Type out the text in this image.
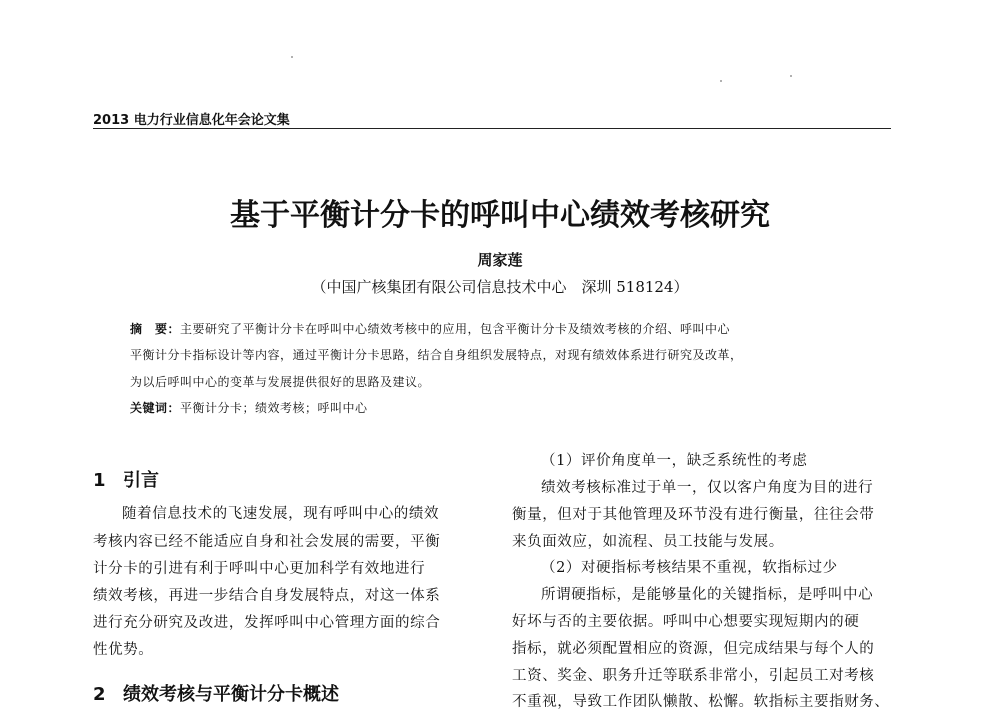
2013 电力行业信息化年会论文集
基于平衡计分卡的呼叫中心绩效考核研究
周家莲
（中国广核集团有限公司信息技术中心　深圳 518124）
摘　要：主要研究了平衡计分卡在呼叫中心绩效考核中的应用，包含平衡计分卡及绩效考核的介绍、呼叫中心
平衡计分卡指标设计等内容，通过平衡计分卡思路，结合自身组织发展特点，对现有绩效体系进行研究及改革，
为以后呼叫中心的变革与发展提供很好的思路及建议。
关键词：平衡计分卡；绩效考核；呼叫中心
1 引言
随着信息技术的飞速发展，现有呼叫中心的绩效
考核内容已经不能适应自身和社会发展的需要，平衡
计分卡的引进有利于呼叫中心更加科学有效地进行
绩效考核，再进一步结合自身发展特点，对这一体系
进行充分研究及改进，发挥呼叫中心管理方面的综合
性优势。
2 绩效考核与平衡计分卡概述
（1）评价角度单一，缺乏系统性的考虑
绩效考核标准过于单一，仅以客户角度为目的进行
衡量，但对于其他管理及环节没有进行衡量，往往会带
来负面效应，如流程、员工技能与发展。
（2）对硬指标考核结果不重视，软指标过少
所谓硬指标，是能够量化的关键指标，是呼叫中心
好坏与否的主要依据。呼叫中心想要实现短期内的硬
指标，就必须配置相应的资源，但完成结果与每个人的
工资、奖金、职务升迁等联系非常小，引起员工对考核
不重视，导致工作团队懒散、松懈。软指标主要指财务、
